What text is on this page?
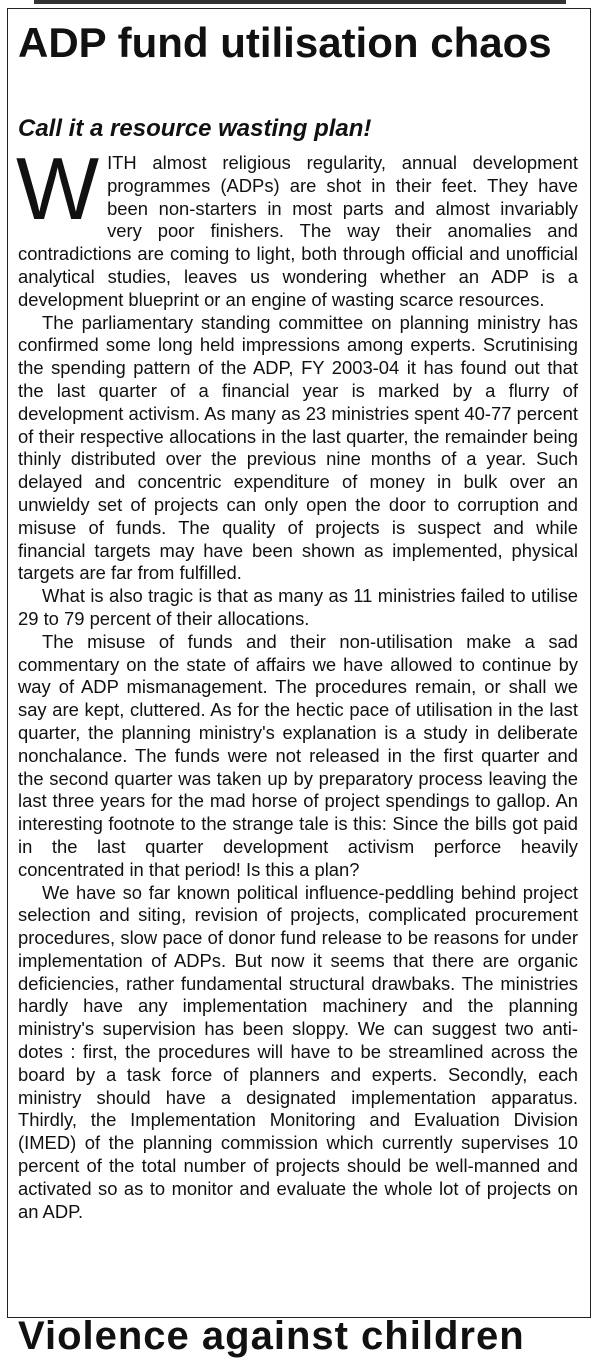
ADP fund utilisation chaos
Call it a resource wasting plan!

WITH almost religious regularity, annual development programmes (ADPs) are shot in their feet. They have been non-starters in most parts and almost invariably very poor finishers. The way their anomalies and contradictions are coming to light, both through official and unofficial analytical studies, leaves us wondering whether an ADP is a development blueprint or an engine of wasting scarce resources.

The parliamentary standing committee on planning ministry has confirmed some long held impressions among experts. Scrutinising the spending pattern of the ADP, FY 2003-04 it has found out that the last quarter of a financial year is marked by a flurry of development activism. As many as 23 ministries spent 40-77 percent of their respective allocations in the last quarter, the remainder being thinly distributed over the previous nine months of a year. Such delayed and concentric expenditure of money in bulk over an unwieldy set of projects can only open the door to corruption and misuse of funds. The quality of projects is suspect and while financial targets may have been shown as implemented, physical targets are far from fulfilled.

What is also tragic is that as many as 11 ministries failed to utilise 29 to 79 percent of their allocations.

The misuse of funds and their non-utilisation make a sad commentary on the state of affairs we have allowed to continue by way of ADP mismanagement. The procedures remain, or shall we say are kept, cluttered. As for the hectic pace of utilisation in the last quarter, the planning ministry's explanation is a study in deliberate nonchalance. The funds were not released in the first quarter and the second quarter was taken up by preparatory process leaving the last three years for the mad horse of project spendings to gallop. An interesting footnote to the strange tale is this: Since the bills got paid in the last quarter development activism perforce heavily concentrated in that period! Is this a plan?

We have so far known political influence-peddling behind project selection and siting, revision of projects, complicated procurement procedures, slow pace of donor fund release to be reasons for under implementation of ADPs. But now it seems that there are organic deficiencies, rather fundamental structural drawbaks. The ministries hardly have any implementation machinery and the planning ministry's supervision has been sloppy. We can suggest two anti-dotes : first, the procedures will have to be streamlined across the board by a task force of planners and experts. Secondly, each ministry should have a designated implementation apparatus. Thirdly, the Implementation Monitoring and Evaluation Division (IMED) of the planning commission which currently supervises 10 percent of the total number of projects should be well-manned and activated so as to monitor and evaluate the whole lot of projects on an ADP.

Violence against children
